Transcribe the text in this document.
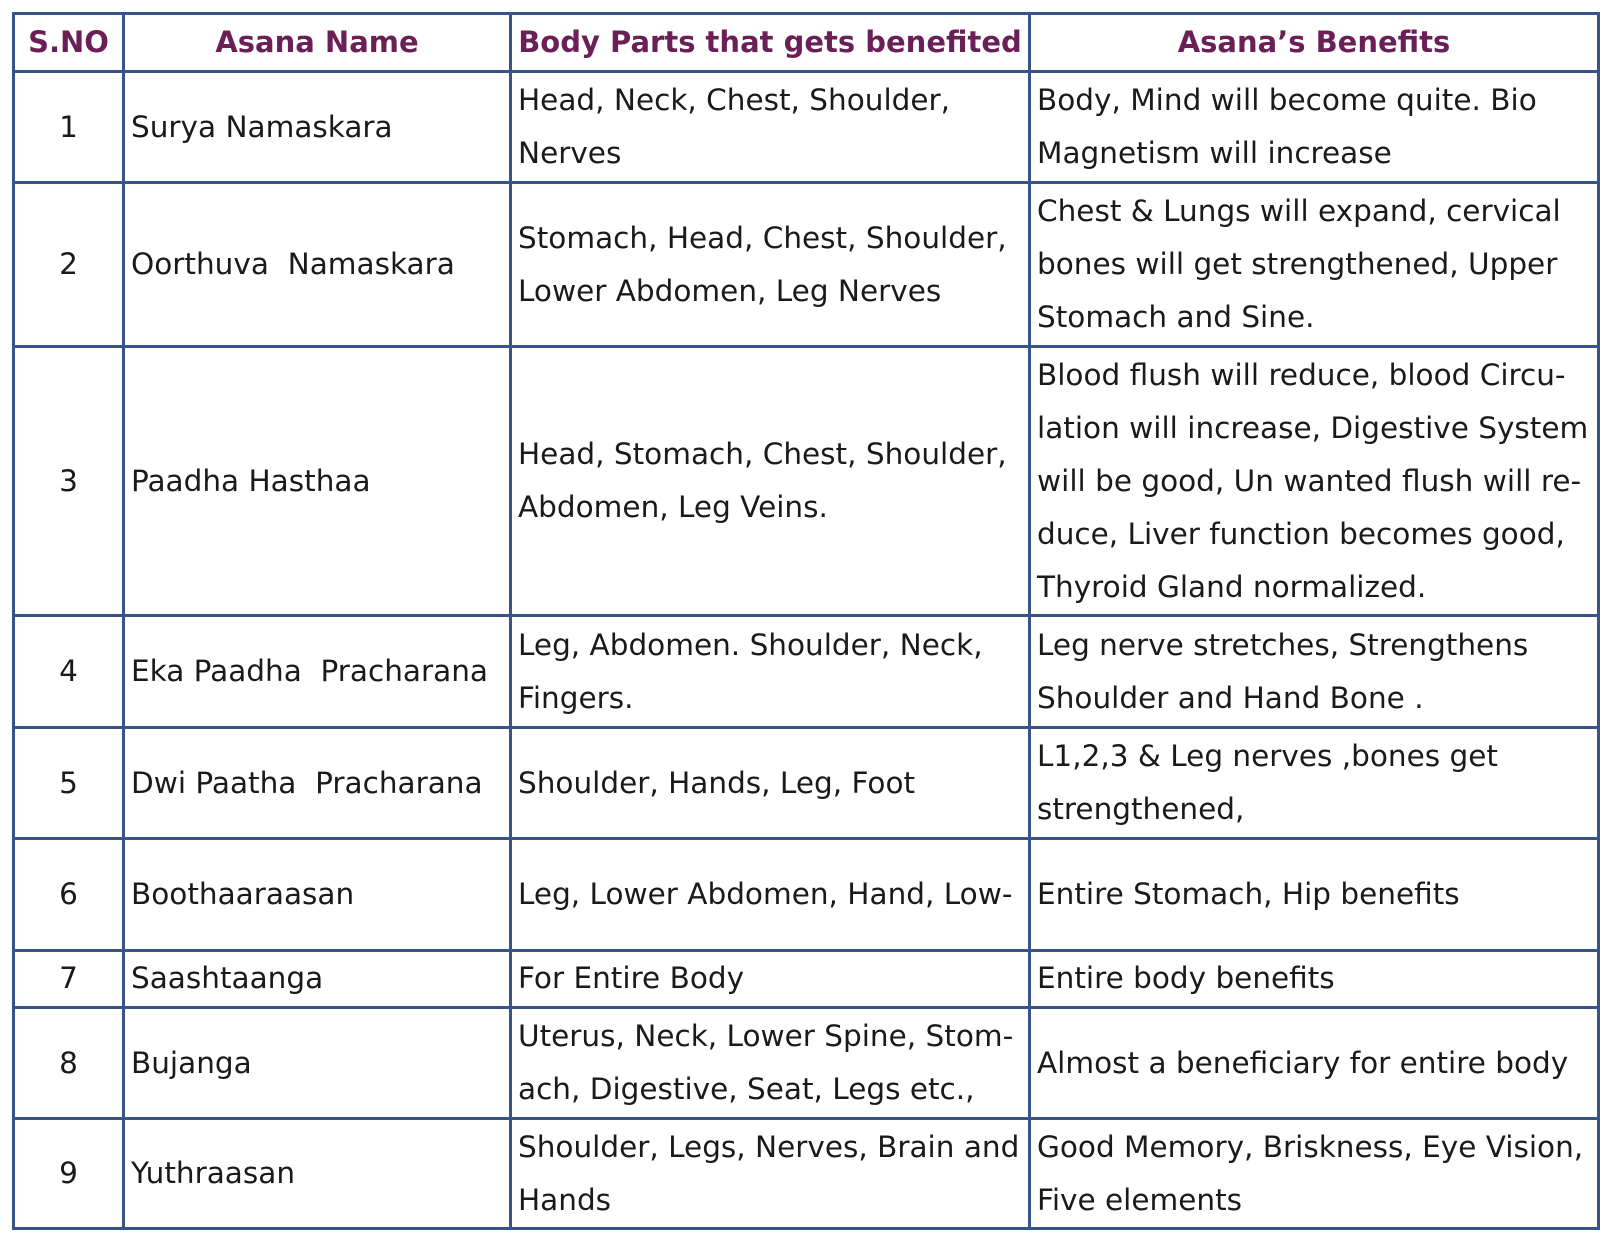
S.NO	Asana Name	Body Parts that gets benefited	Asana’s Benefits
1	Surya Namaskara	Head, Neck, Chest, Shoulder, Nerves	Body, Mind will become quite. Bio Magnetism will increase
2	Oorthuva  Namaskara	Stomach, Head, Chest, Shoulder, Lower Abdomen, Leg Nerves	Chest & Lungs will expand, cervical bones will get strengthened, Upper Stomach and Sine.
3	Paadha Hasthaa	Head, Stomach, Chest, Shoulder, Abdomen, Leg Veins.	Blood flush will reduce, blood Circu-lation will increase, Digestive System will be good, Un wanted flush will re-duce, Liver function becomes good, Thyroid Gland normalized.
4	Eka Paadha  Pracharana	Leg, Abdomen. Shoulder, Neck, Fingers.	Leg nerve stretches, Strengthens Shoulder and Hand Bone .
5	Dwi Paatha  Pracharana	Shoulder, Hands, Leg, Foot	L1,2,3 & Leg nerves ,bones get strengthened,
6	Boothaaraasan	Leg, Lower Abdomen, Hand, Low-	Entire Stomach, Hip benefits
7	Saashtaanga	For Entire Body	Entire body benefits
8	Bujanga	Uterus, Neck, Lower Spine, Stom-ach, Digestive, Seat, Legs etc.,	Almost a beneficiary for entire body
9	Yuthraasan	Shoulder, Legs, Nerves, Brain and Hands	Good Memory, Briskness, Eye Vision, Five elements
